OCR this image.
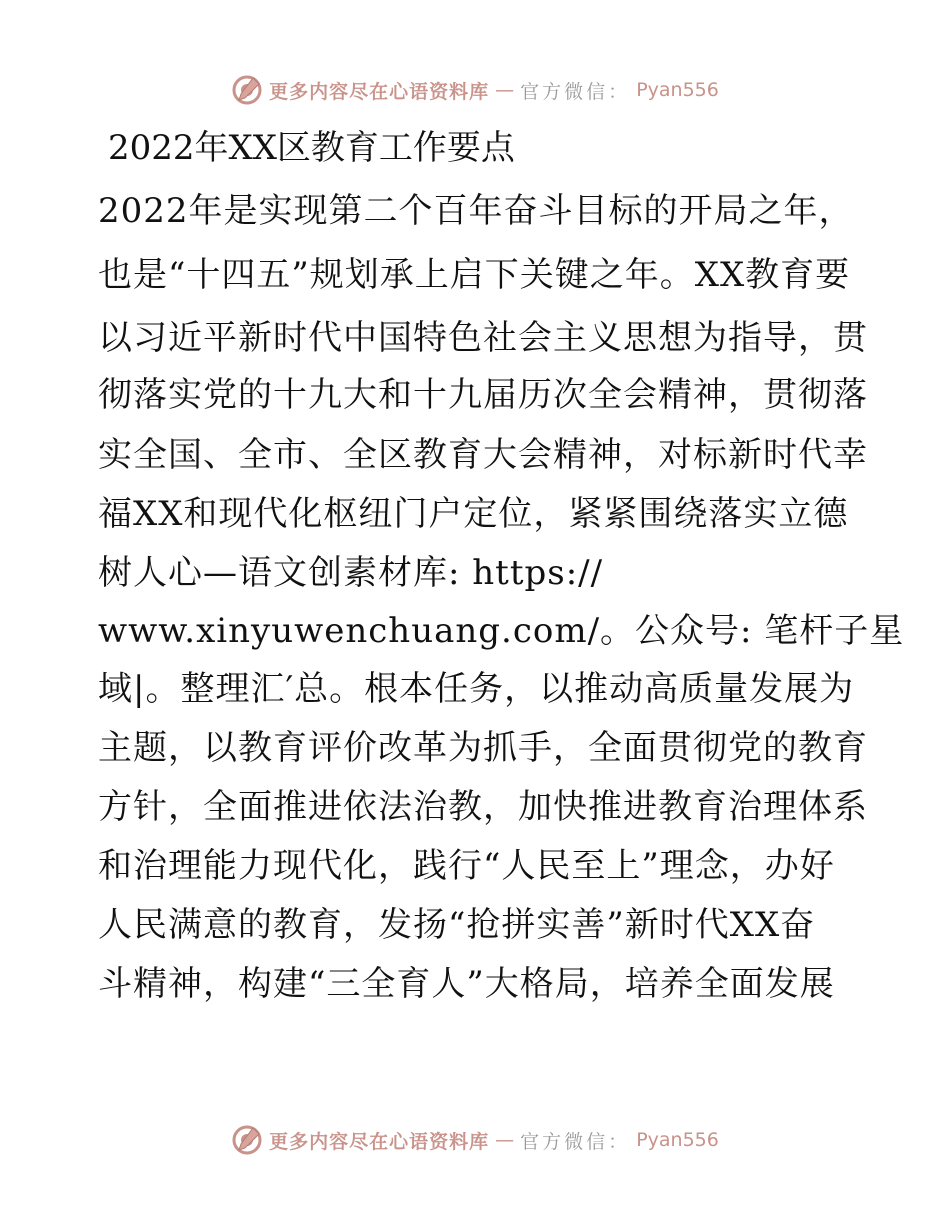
更多内容尽在心语资料库 — 官方微信： Pyan556
2022年XX区教育工作要点
2022年是实现第二个百年奋斗目标的开局之年，
也是“十四五”规划承上启下关键之年。XX教育要
以习近平新时代中国特色社会主义思想为指导，贯
彻落实党的十九大和十九届历次全会精神，贯彻落
实全国、全市、全区教育大会精神，对标新时代幸
福XX和现代化枢纽门户定位，紧紧围绕落实立德
树人心—语文创素材库: https://
www.xinyuwenchuang.com/。公众号: 笔杆子星
域|。整理汇′总。根本任务，以推动高质量发展为
主题，以教育评价改革为抓手，全面贯彻党的教育
方针，全面推进依法治教，加快推进教育治理体系
和治理能力现代化，践行“人民至上”理念，办好
人民满意的教育，发扬“抢拼实善”新时代XX奋
斗精神，构建“三全育人”大格局，培养全面发展
更多内容尽在心语资料库 — 官方微信： Pyan556
